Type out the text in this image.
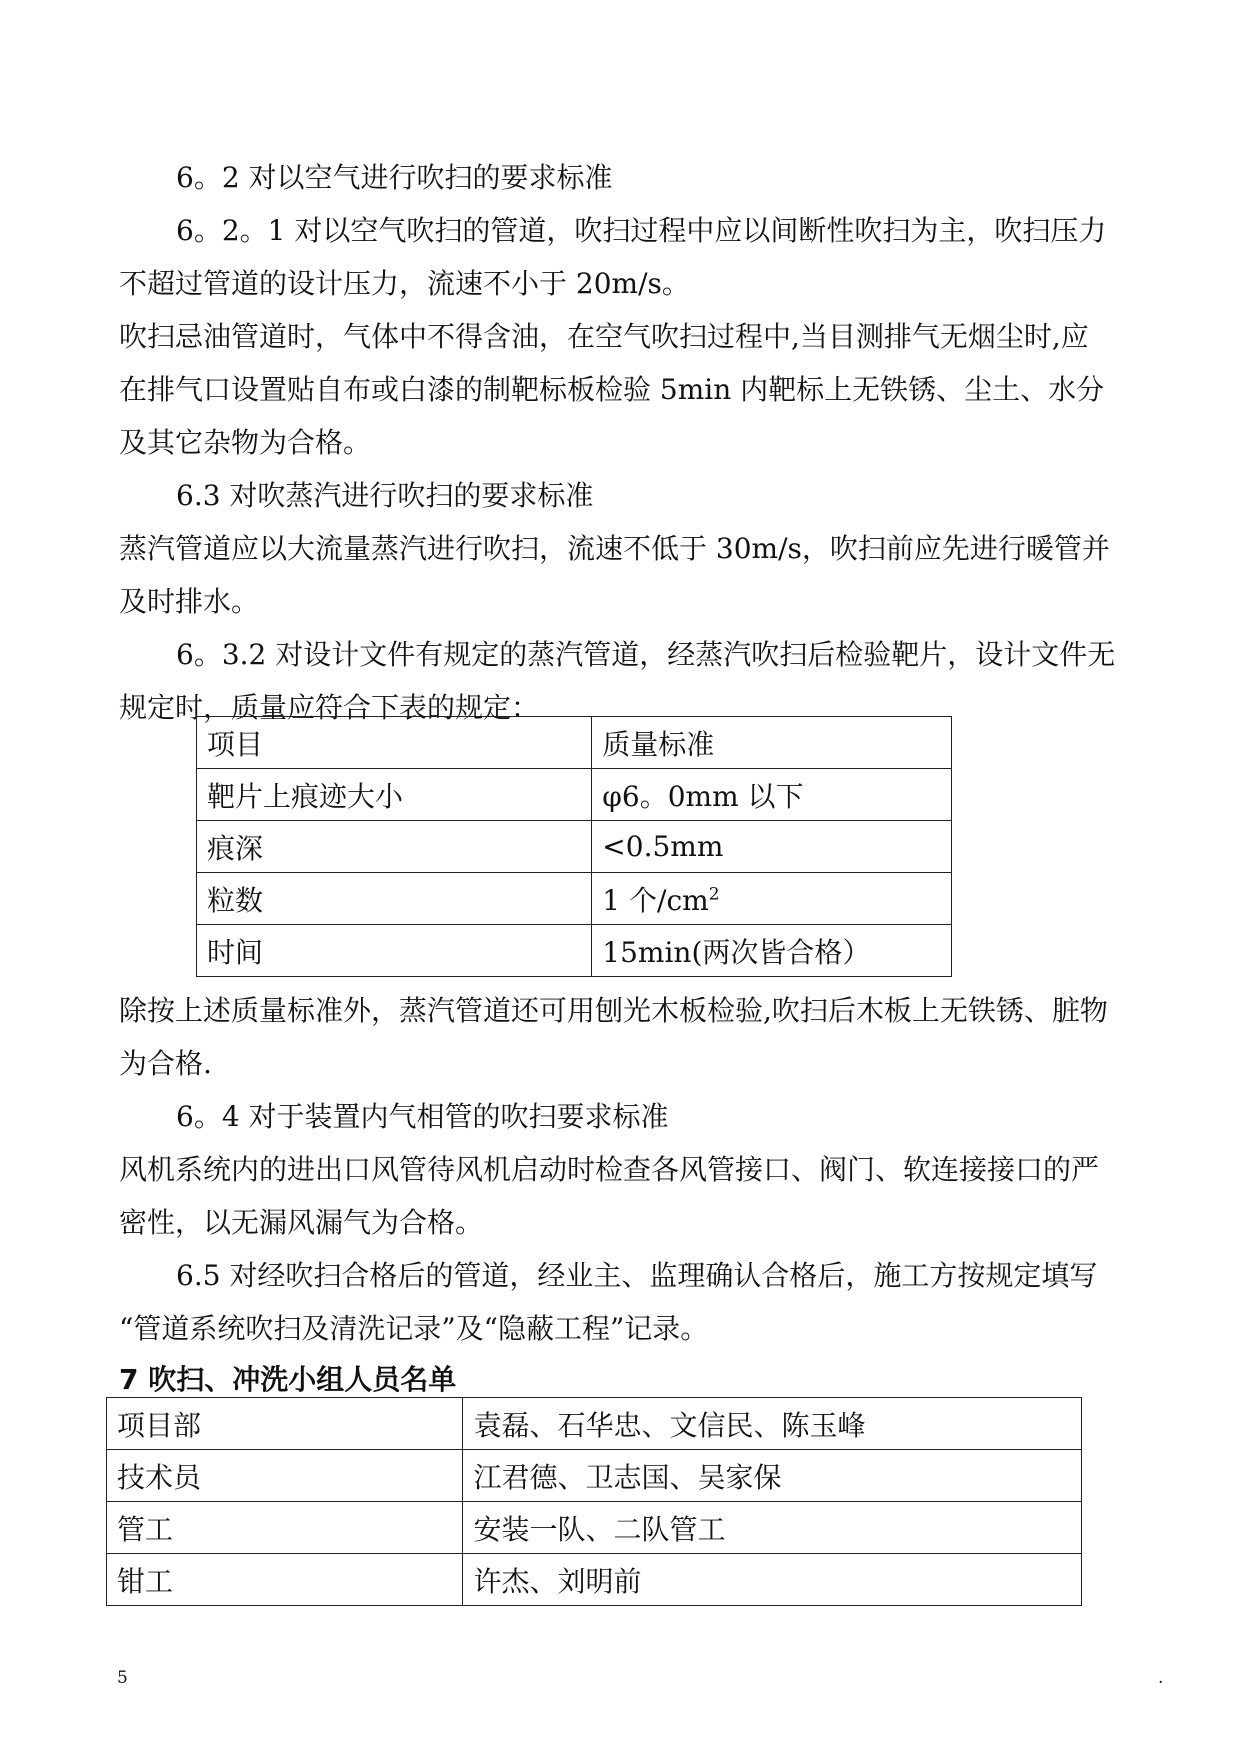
6。2 对以空气进行吹扫的要求标准
6。2。1 对以空气吹扫的管道，吹扫过程中应以间断性吹扫为主，吹扫压力
不超过管道的设计压力，流速不小于 20m/s。
吹扫忌油管道时，气体中不得含油，在空气吹扫过程中,当目测排气无烟尘时,应
在排气口设置贴自布或白漆的制靶标板检验 5min 内靶标上无铁锈、尘土、水分
及其它杂物为合格。
6.3 对吹蒸汽进行吹扫的要求标准
蒸汽管道应以大流量蒸汽进行吹扫，流速不低于 30m/s，吹扫前应先进行暖管并
及时排水。
6。3.2 对设计文件有规定的蒸汽管道，经蒸汽吹扫后检验靶片，设计文件无
规定时，质量应符合下表的规定：
项目	质量标准
靶片上痕迹大小	φ6。0mm 以下
痕深	<0.5mm
粒数	1 个$/cm^2$
时间	15min(两次皆合格）
除按上述质量标准外，蒸汽管道还可用刨光木板检验,吹扫后木板上无铁锈、脏物
为合格.
6。4 对于装置内气相管的吹扫要求标准
风机系统内的进出口风管待风机启动时检查各风管接口、阀门、软连接接口的严
密性，以无漏风漏气为合格。
6.5 对经吹扫合格后的管道，经业主、监理确认合格后，施工方按规定填写
“管道系统吹扫及清洗记录”及“隐蔽工程”记录。
7 吹扫、冲洗小组人员名单
项目部	袁磊、石华忠、文信民、陈玉峰
技术员	江君德、卫志国、吴家保
管工	安装一队、二队管工
钳工	许杰、刘明前
5	.
